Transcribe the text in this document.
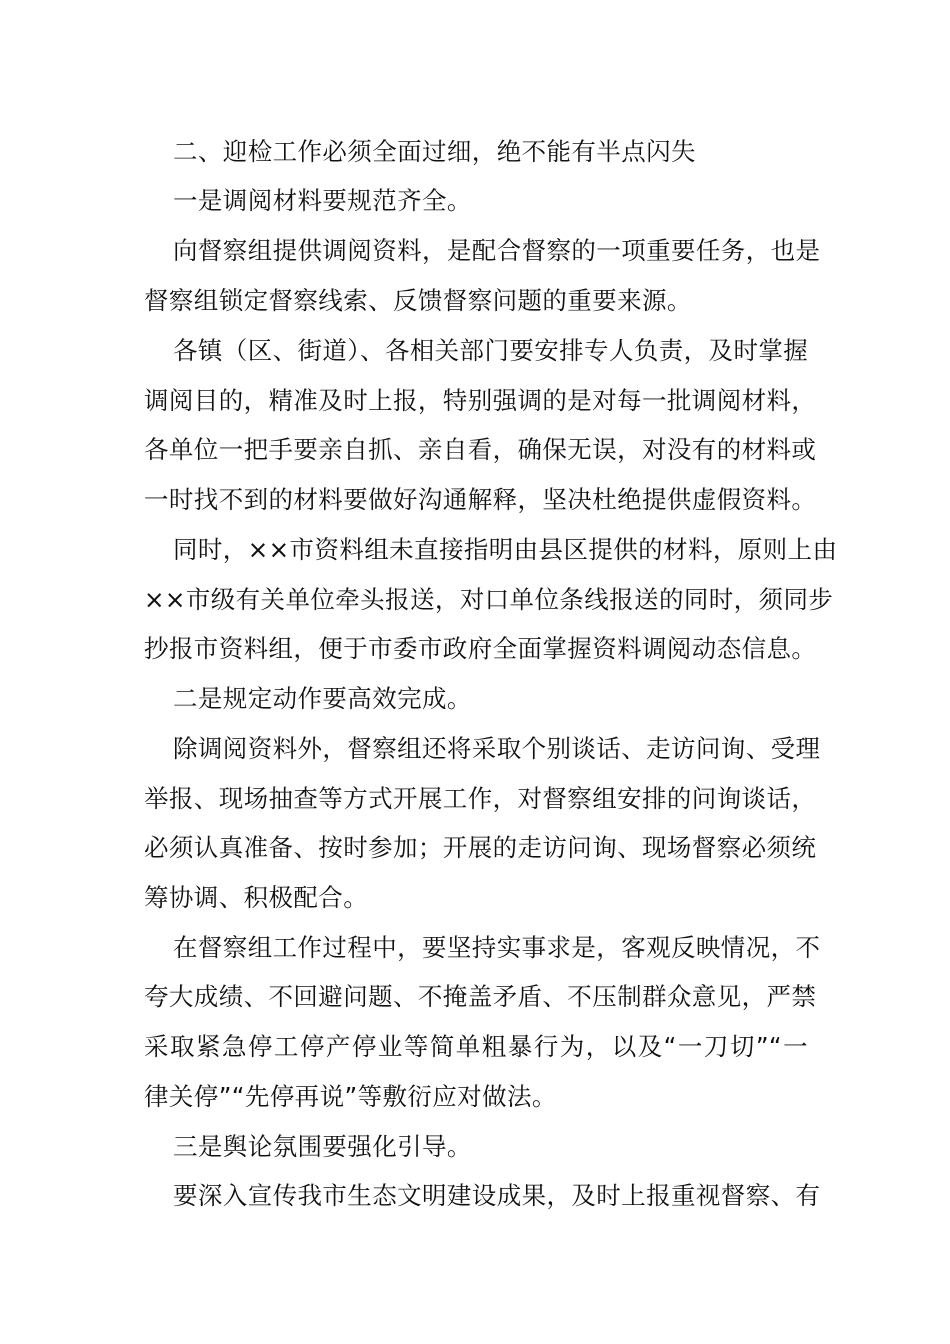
二、迎检工作必须全面过细，绝不能有半点闪失

一是调阅材料要规范齐全。

向督察组提供调阅资料，是配合督察的一项重要任务，也是

督察组锁定督察线索、反馈督察问题的重要来源。

各镇（区、街道）、各相关部门要安排专人负责，及时掌握

调阅目的，精准及时上报，特别强调的是对每一批调阅材料，

各单位一把手要亲自抓、亲自看，确保无误，对没有的材料或

一时找不到的材料要做好沟通解释，坚决杜绝提供虚假资料。

同时，××市资料组未直接指明由县区提供的材料，原则上由

××市级有关单位牵头报送，对口单位条线报送的同时，须同步

抄报市资料组，便于市委市政府全面掌握资料调阅动态信息。

二是规定动作要高效完成。

除调阅资料外，督察组还将采取个别谈话、走访问询、受理

举报、现场抽查等方式开展工作，对督察组安排的问询谈话，

必须认真准备、按时参加；开展的走访问询、现场督察必须统

筹协调、积极配合。

在督察组工作过程中，要坚持实事求是，客观反映情况，不

夸大成绩、不回避问题、不掩盖矛盾、不压制群众意见，严禁

采取紧急停工停产停业等简单粗暴行为，以及“一刀切”“一

律关停”“先停再说”等敷衍应对做法。

三是舆论氛围要强化引导。

要深入宣传我市生态文明建设成果，及时上报重视督察、有
